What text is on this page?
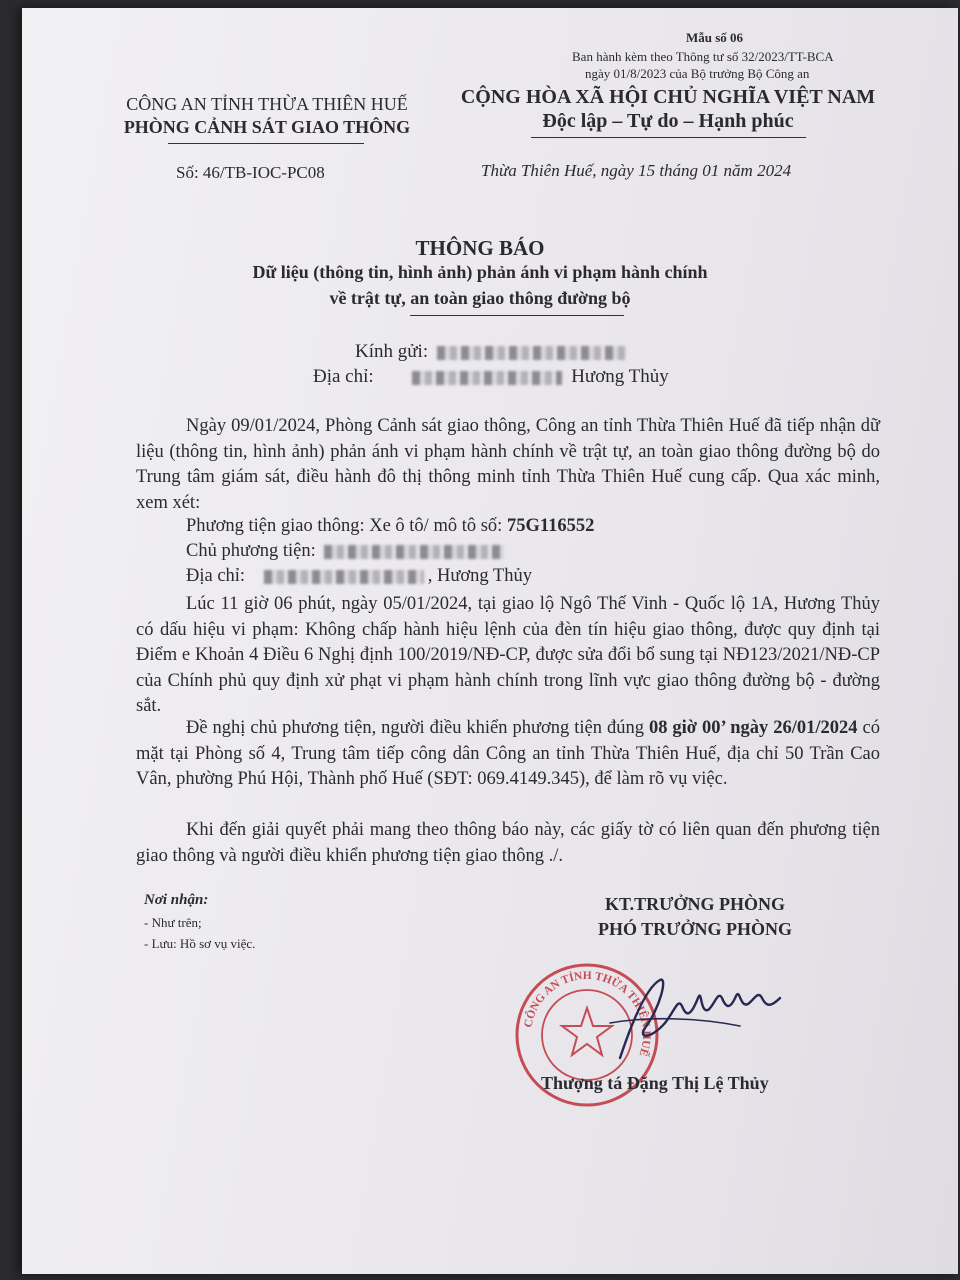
Mẫu số 06
Ban hành kèm theo Thông tư số 32/2023/TT-BCA
ngày 01/8/2023 của Bộ trưởng Bộ Công an
CÔNG AN TỈNH THỪA THIÊN HUẾ
PHÒNG CẢNH SÁT GIAO THÔNG
CỘNG HÒA XÃ HỘI CHỦ NGHĨA VIỆT NAM
Độc lập – Tự do – Hạnh phúc
Số: 46/TB-IOC-PC08	Thừa Thiên Huế, ngày 15 tháng 01 năm 2024
THÔNG BÁO
Dữ liệu (thông tin, hình ảnh) phản ánh vi phạm hành chính
về trật tự, an toàn giao thông đường bộ
Kính gửi:
Địa chỉ:	Hương Thủy
Ngày 09/01/2024, Phòng Cảnh sát giao thông, Công an tỉnh Thừa Thiên Huế đã tiếp nhận dữ liệu (thông tin, hình ảnh) phản ánh vi phạm hành chính về trật tự, an toàn giao thông đường bộ do Trung tâm giám sát, điều hành đô thị thông minh tỉnh Thừa Thiên Huế cung cấp. Qua xác minh, xem xét:
Phương tiện giao thông: Xe ô tô/ mô tô số: 75G116552
Chủ phương tiện:
Địa chỉ:	, Hương Thủy
Lúc 11 giờ 06 phút, ngày 05/01/2024, tại giao lộ Ngô Thế Vinh - Quốc lộ 1A, Hương Thủy có dấu hiệu vi phạm: Không chấp hành hiệu lệnh của đèn tín hiệu giao thông, được quy định tại Điểm e Khoản 4 Điều 6 Nghị định 100/2019/NĐ-CP, được sửa đổi bổ sung tại NĐ123/2021/NĐ-CP của Chính phủ quy định xử phạt vi phạm hành chính trong lĩnh vực giao thông đường bộ - đường sắt.
Đề nghị chủ phương tiện, người điều khiển phương tiện đúng 08 giờ 00’ ngày 26/01/2024 có mặt tại Phòng số 4, Trung tâm tiếp công dân Công an tỉnh Thừa Thiên Huế, địa chỉ 50 Trần Cao Vân, phường Phú Hội, Thành phố Huế (SĐT: 069.4149.345), để làm rõ vụ việc.
Khi đến giải quyết phải mang theo thông báo này, các giấy tờ có liên quan đến phương tiện giao thông và người điều khiển phương tiện giao thông ./.
Nơi nhận:
- Như trên;
- Lưu: Hồ sơ vụ việc.
KT.TRƯỞNG PHÒNG
PHÓ TRƯỞNG PHÒNG
CÔNG AN TỈNH THỪA THIÊN HUẾ
Thượng tá Đặng Thị Lệ Thủy
